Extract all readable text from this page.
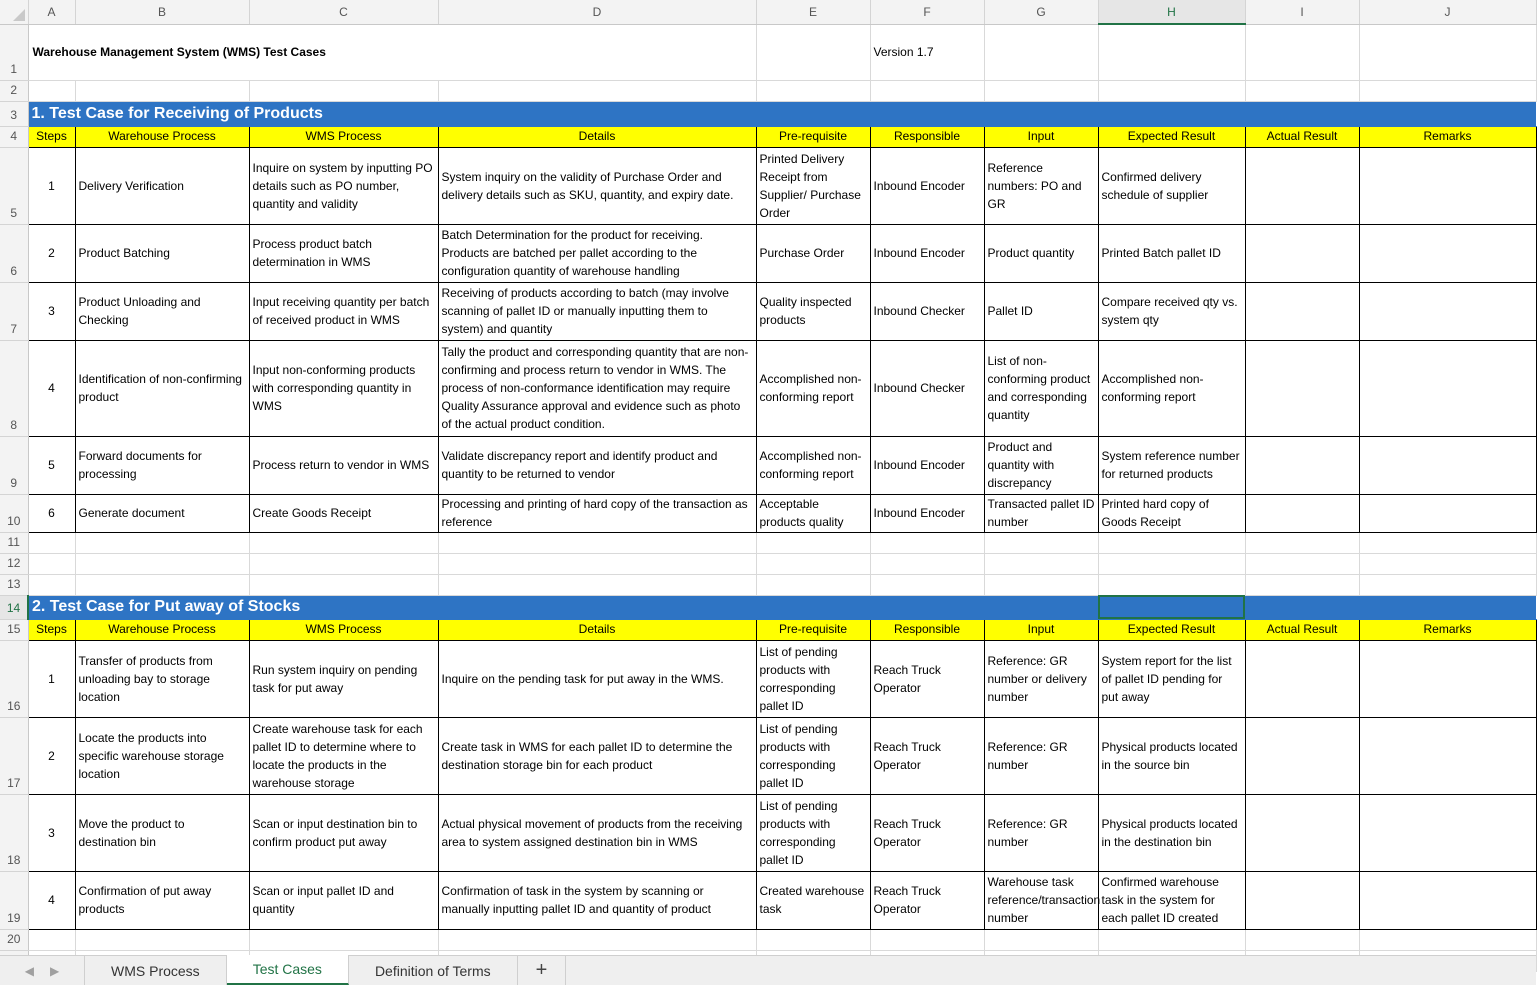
	A	B	C	D	E	F	G	H	I	J
1	Warehouse Management System (WMS) Test Cases					Version 1.7				
2										
3	1. Test Case for Receiving of Products									
4	Steps	Warehouse Process	WMS Process	Details	Pre-requisite	Responsible	Input	Expected Result	Actual Result	Remarks
5	1	Delivery Verification	Inquire on system by inputting PO details such as PO number, quantity and validity	System inquiry on the validity of Purchase Order and delivery details such as SKU, quantity, and expiry date.	Printed Delivery Receipt from Supplier/ Purchase Order	Inbound Encoder	Reference numbers: PO and GR	Confirmed delivery schedule of supplier		
6	2	Product Batching	Process product batch determination in WMS	Batch Determination for the product for receiving. Products are batched per pallet according to the configuration quantity of warehouse handling	Purchase Order	Inbound Encoder	Product quantity	Printed Batch pallet ID		
7	3	Product Unloading and Checking	Input receiving quantity per batch of received product in WMS	Receiving of products according to batch (may involve scanning of pallet ID or manually inputting them to system) and quantity	Quality inspected products	Inbound Checker	Pallet ID	Compare received qty vs. system qty		
8	4	Identification of non-confirming product	Input non-conforming products with corresponding quantity in WMS	Tally the product and corresponding quantity that are non-confirming and process return to vendor in WMS. The process of non-conformance identification may require Quality Assurance approval and evidence such as photo of the actual product condition.	Accomplished non-conforming report	Inbound Checker	List of non-conforming product and corresponding quantity	Accomplished non-conforming report		
9	5	Forward documents for processing	Process return to vendor in WMS	Validate discrepancy report and identify product and quantity to be returned to vendor	Accomplished non-conforming report	Inbound Encoder	Product and quantity with discrepancy	System reference number for returned products		
10	6	Generate document	Create Goods Receipt	Processing and printing of hard copy of the transaction as reference	Acceptable products quality	Inbound Encoder	Transacted pallet ID number	Printed hard copy of Goods Receipt		
11										
12										
13										
14	2. Test Case for Put away of Stocks									
15	Steps	Warehouse Process	WMS Process	Details	Pre-requisite	Responsible	Input	Expected Result	Actual Result	Remarks
16	1	Transfer of products from unloading bay to storage location	Run system inquiry on pending task for put away	Inquire on the pending task for put away in the WMS.	List of pending products with corresponding pallet ID	Reach Truck Operator	Reference: GR number or delivery number	System report for the list of pallet ID pending for put away		
17	2	Locate the products into specific warehouse storage location	Create warehouse task for each pallet ID to determine where to locate the products in the warehouse storage	Create task in WMS for each pallet ID to determine the destination storage bin for each product	List of pending products with corresponding pallet ID	Reach Truck Operator	Reference: GR number	Physical products located in the source bin		
18	3	Move the product to destination bin	Scan or input destination bin to confirm product put away	Actual physical movement of products from the receiving area to system assigned destination bin in WMS	List of pending products with corresponding pallet ID	Reach Truck Operator	Reference: GR number	Physical products located in the destination bin		
19	4	Confirmation of put away products	Scan or input pallet ID and quantity	Confirmation of task in the system by scanning or manually inputting pallet ID and quantity of product	Created warehouse task	Reach Truck Operator	Warehouse task reference/transaction number	Confirmed warehouse task in the system for each pallet ID created		
20										

◀ ▶	WMS Process	Test Cases	Definition of Terms	+
